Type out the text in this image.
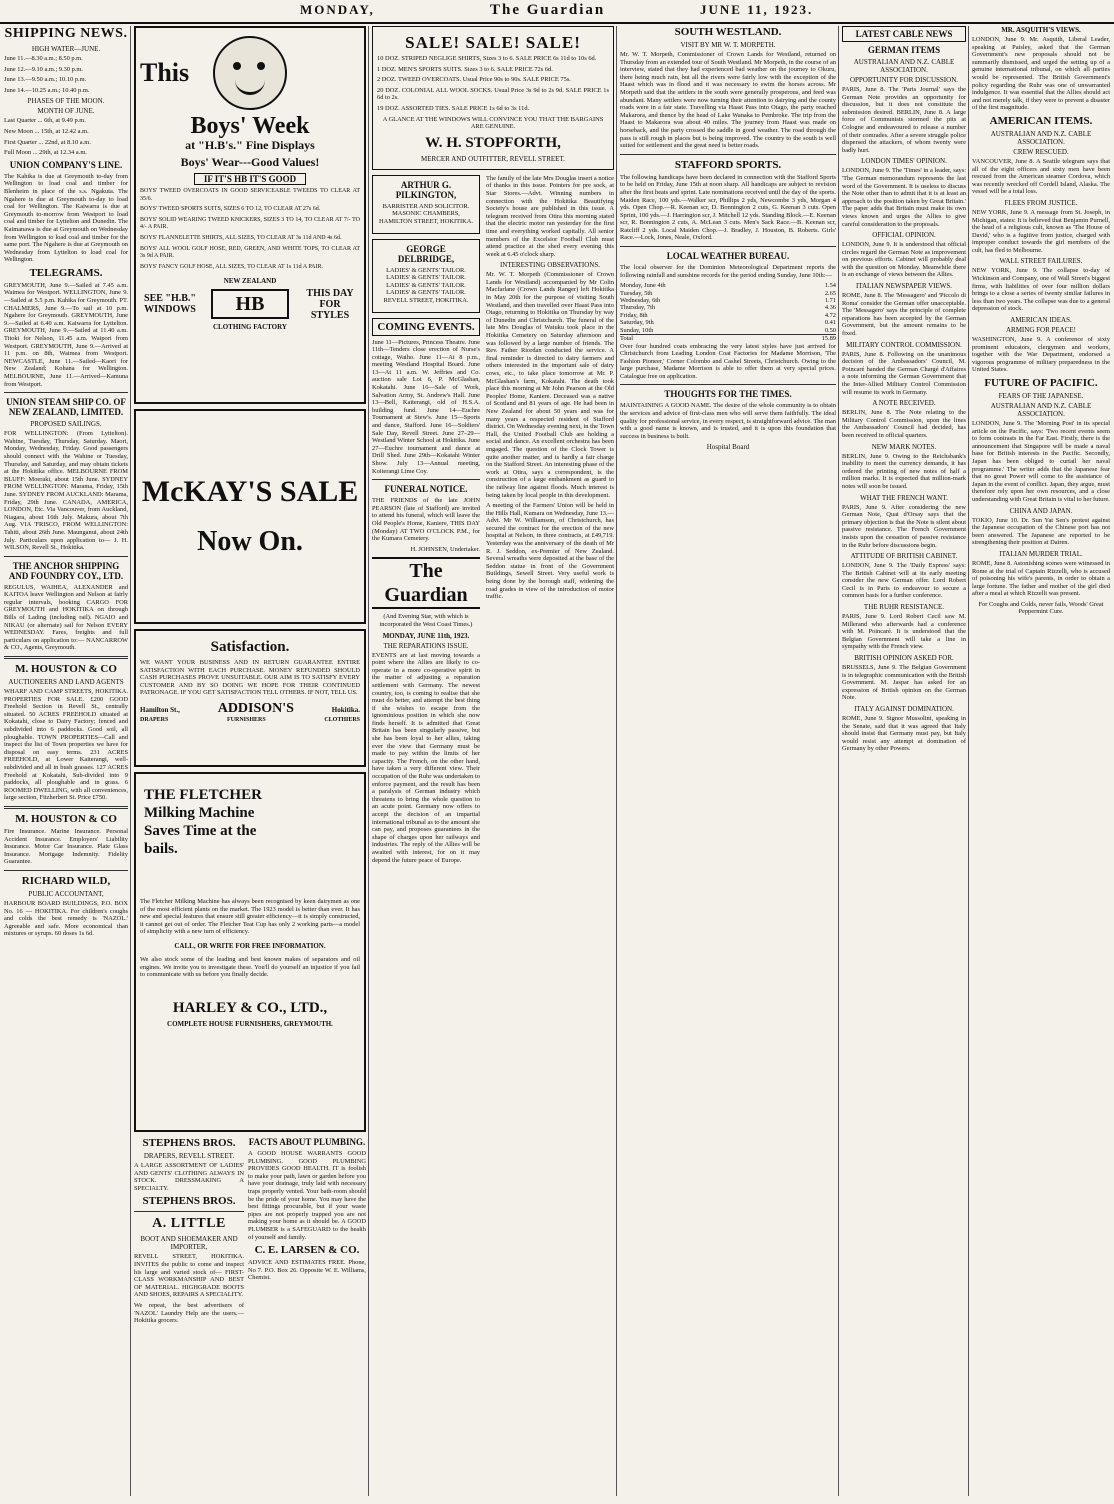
MONDAY,	The Guardian	JUNE 11, 1923.
SHIPPING NEWS.
HIGH WATER—JUNE.

June 11.—8.30 a.m.; 8.50 p.m.

June 12.—9.10 a.m.; 9.30 p.m.

June 13.—9.50 a.m.; 10.10 p.m.

June 14.—10.25 a.m.; 10.40 p.m.

PHASES OF THE MOON.
MONTH OF JUNE.

Last Quarter ... 6th, at 9.49 p.m.

New Moon ... 15th, at 12.42 a.m.

First Quarter ... 22nd, at 8.10 a.m.

Full Moon ... 29th, at 12.34 a.m.

UNION COMPANY'S LINE.

The Kahika is due at Greymouth to-day from Wellington to load coal and timber for Blenheim in place of the s.s. Ngakuta. The Ngahere is due at Greymouth to-day to load coal for Wellington. The Kaiwarra is due at Greymouth to-morrow from Westport to load coal and timber for Lyttelton and Dunedin. The Kaimanawa is due at Greymouth on Wednesday from Wellington to load coal and timber for the same port. The Ngahere is due at Greymouth on Wednesday from Lyttelton to load coal for Wellington.

TELEGRAMS.

GREYMOUTH, June 9.—Sailed at 7.45 a.m. Waimea for Westport. WELLINGTON, June 9.—Sailed at 5.5 p.m. Kahika for Greymouth. PT. CHALMERS, June 9.—To sail at 10 p.m. Ngahere for Greymouth. GREYMOUTH, June 9.—Sailed at 6.40 a.m. Kaiwarra for Lyttelton. GREYMOUTH, June 9.—Sailed at 11.40 a.m. Titoki for Nelson, 11.45 a.m. Waipori from Westport. GREYMOUTH, June 9.—Arrived at 11 p.m. on 8th, Waimea from Westport. NEWCASTLE, June 11.—Sailed—Kaori for New Zealand; Kohana for Wellington. MELBOURNE, June 11.—Arrived—Kamuna from Westport.

UNION STEAM SHIP CO. OF NEW ZEALAND, LIMITED.
PROPOSED SAILINGS.

FOR WELLINGTON: (From Lyttelton). Wahine, Tuesday, Thursday, Saturday. Maori, Monday, Wednesday, Friday. Good passengers should connect with the Wahine or Tuesday, Thursday, and Saturday, and may obtain tickets at the Hokitika office. MELBOURNE FROM BLUFF: Moeraki, about 15th June. SYDNEY FROM WELLINGTON: Marama, Friday, 15th June. SYDNEY FROM AUCKLAND: Marama, Friday, 29th June. CANADA, AMERICA, LONDON, Etc. Via Vancouver, from Auckland, Niagara, about 16th July. Makura, about 7th Aug. VIA 'FRISCO, FROM WELLINGTON: Tahiti, about 26th June. Maunganui, about 24th July. Particulars upon application to— J. H. WILSON, Revell St., Hokitika.

THE ANCHOR SHIPPING AND FOUNDRY COY., LTD.

REGULUS, WAIHEA, ALEXANDER and KAITOA leave Wellington and Nelson at fairly regular intervals, booking CARGO FOR GREYMOUTH and HOKITIKA on through Bills of Lading (including rail). NGAIO and NIKAU (or alternate) sail for Nelson EVERY WEDNESDAY. Fares, freights and full particulars on application to:— NANCARROW & CO., Agents, Greymouth.

M. HOUSTON & CO
AUCTIONEERS AND LAND AGENTS

WHARF AND CAMP STREETS, HOKITIKA. PROPERTIES FOR SALE. £200 GOOD Freehold Section in Revell St., centrally situated. 50 ACRES FREEHOLD situated at Kokatahi, close to Dairy Factory; fenced and subdivided into 6 paddocks. Good soil, all ploughable. TOWN PROPERTIES—Call and inspect the list of Town properties we have for disposal on easy terms. 231 ACRES FREEHOLD, at Lower Kaiterangi, well-subdivided and all in bush grasses. 127 ACRES Freehold at Kokatahi, Sub-divided into 9 paddocks, all ploughable and in grass. 6 ROOMED DWELLING, with all conveniences, large section, Fitzherbert St. Price £750.

M. HOUSTON & CO

Fire Insurance. Marine Insurance. Personal Accident Insurance. Employers' Liability Insurance. Motor Car Insurance. Plate Glass Insurance. Mortgage Indemnity. Fidelity Guarantee.

RICHARD WILD,
PUBLIC ACCOUNTANT,

HARBOUR BOARD BUILDINGS, P.O. BOX No. 16 — HOKITIKA. For children's coughs and colds the best remedy is 'NAZOL.' Agreeable and safe. More economical than mixtures or syrups. 60 doses 1s 6d.

This
Boys' Week
at "H.B's." Fine Displays
Boys' Wear---Good Values!
IF IT'S HB IT'S GOOD

BOYS' TWEED OVERCOATS IN GOOD SERVICEABLE TWEEDS TO CLEAR AT 35/6.

BOYS' TWEED SPORTS SUITS, SIZES 6 TO 12, TO CLEAR AT 27s 6d.

BOYS' SOLID WEARING TWEED KNICKERS, SIZES 3 TO 14, TO CLEAR AT 7/- TO 4/- A PAIR.

BOYS' FLANNELETTE SHIRTS, ALL SIZES, TO CLEAR AT 3s 11d AND 4s 6d.

BOYS' ALL WOOL GOLF HOSE, RED, GREEN, AND WHITE TOPS, TO CLEAR AT 3s 9d A PAIR.

BOYS' FANCY GOLF HOSE, ALL SIZES, TO CLEAR AT 1s 11d A PAIR.

SEE "H.B." WINDOWS
NEW ZEALAND
HB
CLOTHING FACTORY
THIS DAY FOR STYLES
McKAY'S SALE
Now On.
Satisfaction.

WE WANT YOUR BUSINESS AND IN RETURN GUARANTEE ENTIRE SATISFACTION WITH EACH PURCHASE. MONEY REFUNDED SHOULD CASH PURCHASES PROVE UNSUITABLE. OUR AIM IS TO SATISFY EVERY CUSTOMER AND BY SO DOING WE HOPE FOR THEIR CONTINUED PATRONAGE. IF YOU GET SATISFACTION TELL OTHERS. IF NOT, TELL US.

Hamilton St.,	ADDISON'S	Hokitika.
DRAPERS	FURNISHERS	CLOTHIERS
THE FLETCHER Milking Machine Saves Time at the bails.

The Fletcher Milking Machine has always been recognised by keen dairymen as one of the most efficient plants on the market. The 1923 model is better than ever. It has new and special features that ensure still greater efficiency—it is simply constructed, it cannot get out of order. The Fletcher Teat Cup has only 2 working parts—a model of simplicity with a new turn of efficiency.

CALL, OR WRITE FOR FREE INFORMATION.

We also stock some of the leading and best known makes of separators and oil engines. We invite you to investigate these. You'll do yourself an injustice if you fail to communicate with us before you finally decide.

HARLEY & CO., LTD.,
COMPLETE HOUSE FURNISHERS, GREYMOUTH.
STEPHENS BROS.
DRAPERS, REVELL STREET.

A LARGE ASSORTMENT OF LADIES' AND GENTS' CLOTHING ALWAYS IN STOCK. DRESSMAKING A SPECIALTY.

STEPHENS BROS.
A. LITTLE
BOOT AND SHOEMAKER AND IMPORTER,

REVELL STREET, HOKITIKA. INVITES the public to come and inspect his large and varied stock of— FIRST-CLASS WORKMANSHIP AND BEST OF MATERIAL. HIGHGRADE BOOTS AND SHOES, REPAIRS A SPECIALITY.

We repeat, the best advertisers of 'NAZOL' Laundry Help are the users.—Hokitika grocers.

FACTS ABOUT PLUMBING.

A GOOD HOUSE WARRANTS GOOD PLUMBING. GOOD PLUMBING PROVIDES GOOD HEALTH. IT is foolish to make your path, lawn or garden before you have your drainage, truly laid with necessary traps properly vented. Your bath-room should be the pride of your home. You may have the best fittings procurable, but if your waste pipes are not properly trapped you are not making your home as it should be. A GOOD PLUMBER is a SAFEGUARD to the health of yourself and family.

C. E. LARSEN & CO.

ADVICE AND ESTIMATES FREE. Phone, No 7. P.O. Box 26. Opposite W. E. Williams, Chemist.

SALE! SALE! SALE!

10 DOZ. STRIPED NEGLIGE SHIRTS, Sizes 3 to 6. SALE PRICE 6s 11d to 10s 6d.

1 DOZ. MEN'S SPORTS SUITS. Sizes 3 to 6. SALE PRICE 72s 6d.

2 DOZ. TWEED OVERCOATS. Usual Price 90s to 90s. SALE PRICE 75s.

20 DOZ. COLONIAL ALL WOOL SOCKS. Usual Price 3s 9d to 2s 9d. SALE PRICE 1s 6d to 2s.

19 DOZ. ASSORTED TIES. SALE PRICE 1s 6d to 3s 11d.

A GLANCE AT THE WINDOWS WILL CONVINCE YOU THAT THE BARGAINS ARE GENUINE.

W. H. STOPFORTH,
MERCER AND OUTFITTER, REVELL STREET.
ARTHUR G. PILKINGTON,

BARRISTER AND SOLICITOR. MASONIC CHAMBERS, HAMILTON STREET, HOKITIKA.

GEORGE DELBRIDGE,

LADIES' & GENTS' TAILOR. LADIES' & GENTS' TAILOR. LADIES' & GENTS' TAILOR. LADIES' & GENTS' TAILOR. REVELL STREET, HOKITIKA.

COMING EVENTS.

June 11—Pictures, Princess Theatre. June 11th—Tenders close erection of Nurse's cottage, Waiho. June 11—At 8 p.m., meeting Westland Hospital Board. June 13—At 11 a.m. W. Jeffries and Co. auction sale Lot 6, P. McGlashan, Kokatahi. June 16—Sale of Work, Salvation Army, St. Andrew's Hall. June 13—Bell, Kaiterangi, old of H.S.A. building fund. June 14—Euchre Tournament at Stew's. June 15—Sports and dance, Stafford. June 16—Soldiers' Sale Day, Revell Street. June 27–29—Westland Winter School at Hokitika. June 27—Euchre tournament and dance at Drill Shed. June 29th—Kokatahi Winter Show. July 13—Annual meeting, Koiterangi Lime Coy.

FUNERAL NOTICE.

THE FRIENDS of the late JOHN PEARSON (late of Stafford) are invited to attend his funeral, which will leave the Old People's Home, Kaniere, THIS DAY (Monday) AT TWO O'CLOCK P.M., for the Kumara Cemetery.

H. JOHNSEN, Undertaker.

The Guardian

(And Evening Star, with which is incorporated the West Coast Times.)

MONDAY, JUNE 11th, 1923.
THE REPARATIONS ISSUE.

EVENTS are at last moving towards a point where the Allies are likely to co-operate in a more co-operative spirit in the matter of adjusting a reparation settlement with Germany. The newest country, too, is coming to realise that she must do better, and attempt the best thing if she wishes to escape from the ignominious position in which she now finds herself. It is admitted that Great Britain has been singularly passive, but she has been loyal to her allies, taking ever the view that Germany must be made to pay within the limits of her capacity. The French, on the other hand, have taken a very different view. Their occupation of the Ruhr was undertaken to enforce payment, and the result has been a paralysis of German industry which threatens to bring the whole question to an acute point. Germany now offers to accept the decision of an impartial international tribunal as to the amount she can pay, and proposes guarantees in the shape of charges upon her railways and industries. The reply of the Allies will be awaited with interest, for on it may depend the future peace of Europe.

The family of the late Mrs Douglas insert a notice of thanks in this issue. Pointers for pre sock, at Star Stores.—Advt. Winning numbers in connection with the Hokitika Beautifying Society's house are published in this issue. A telegram received from Otira this morning stated that the electric motor ran yesterday for the first time and everything worked capitally. All senior members of the Excelsior Football Club must attend practice at the shed every evening this week at 6.45 o'clock sharp.

INTERESTING OBSERVATIONS.

Mr. W. T. Morpeth (Commissioner of Crown Lands for Westland) accompanied by Mr Colin Macfarlane (Crown Lands Ranger) left Hokitika in May 20th for the purpose of visiting South Westland, and then travelled over Haast Pass into Otago, returning to Hokitika on Thursday by way of Dunedin and Christchurch. The funeral of the late Mrs Douglas of Waiuku took place in the Hokitika Cemetery on Saturday afternoon and was followed by a large number of friends. The Rev. Father Riordan conducted the service. A final reminder is directed to dairy farmers and others interested in the important sale of dairy cows, etc., to take place tomorrow at Mr. P. McGlashan's farm, Kokatahi. The death took place this morning at Mr John Pearson at the Old Peoples' Home, Kaniere. Deceased was a native of Scotland and 81 years of age. He had been in New Zealand for about 50 years and was for many years a respected resident of Stafford district. On Wednesday evening next, in the Town Hall, the United Football Club are holding a social and dance. An excellent orchestra has been engaged. The question of the Clock Tower is quite another matter, and is hardly a fair charge on the Stafford Street. An interesting phase of the work at Otira, says a correspondent, is the construction of a large embankment as guard to the railway line against floods. Much interest is being taken by local people in this development.

A meeting of the Farmers' Union will be held in the Hills Hall, Kumara on Wednesday, June 13.—Advt. Mr W. Williamson, of Christchurch, has secured the contract for the erection of the new hospital at Nelson, in three contracts, at £49,719. Yesterday was the anniversary of the death of Mr R. J. Seddon, ex-Premier of New Zealand. Several wreaths were deposited at the base of the Seddon statue in front of the Government Buildings, Sewell Street. Very useful work is being done by the borough staff, widening the road grades in view of the introduction of motor traffic.

SOUTH WESTLAND.
VISIT BY MR W. T. MORPETH.

Mr. W. T. Morpeth, Commissioner of Crown Lands for Westland, returned on Thursday from an extended tour of South Westland. Mr Morpeth, in the course of an interview, stated that they had experienced bad weather on the journey to Okuru, there being much rain, but all the rivers were fairly low with the exception of the Haast which was in flood and it was necessary to swim the horses across. Mr Morpeth said that the settlers in the south were generally prosperous, and feed was abundant. Many settlers were now turning their attention to dairying and the county roads were in a fair state. Travelling via Haast Pass into Otago, the party reached Makarora, and thence by the head of Lake Wanaka to Pembroke. The trip from the Haast to Makarora was about 40 miles. The journey from Haast was made on horseback, and the party crossed the saddle in good weather. The road through the pass is still rough in places but is being improved. The country to the south is well suited for settlement and the great need is better roads.

STAFFORD SPORTS.

The following handicaps have been declared in connection with the Stafford Sports to be held on Friday, June 15th at noon sharp. All handicaps are subject to revision after the first heats and sprint. Late nominations received until the day of the sports. Maiden Race, 100 yds.—Walker scr, Phillips 2 yds, Newcombe 3 yds, Morgan 4 yds. Open Chop.—R. Keenan scr, D. Bonnington 2 cuts, G. Keenan 3 cuts. Open Sprint, 100 yds.—J. Harrington scr, J. Mitchell 12 yds. Standing Block.—E. Keenan scr, R. Bonnington 2 cuts, A. McLean 3 cuts. Men's Sack Race.—B. Keenan scr, Ratcliff 2 yds. Local Maiden Chop.—J. Bradley, J. Houston, B. Roberts. Girls' Race.—Lock, Jones, Neale, Oxford.

LOCAL WEATHER BUREAU.

The local observer for the Dominion Meteorological Department reports the following rainfall and sunshine records for the period ending Sunday, June 10th:—

Monday, June 4th	1.54
Tuesday, 5th	2.65
Wednesday, 6th	1.71
Thursday, 7th	4.36
Friday, 8th	4.72
Saturday, 9th	0.41
Sunday, 10th	0.50
Total	15.89

Over four hundred coats embracing the very latest styles have just arrived for Christchurch from Leading London Coat Factories for Madame Morrison, 'The Fashion Pioneer,' Corner Colombo and Cashel Streets, Christchurch. Owing to the large purchase, Madame Morrison is able to offer them at very special prices. Catalogue free on application.

THOUGHTS FOR THE TIMES.

MAINTAINING A GOOD NAME. The desire of the whole community is to obtain the services and advice of first-class men who will serve them faithfully. The ideal quality for professional service, in every respect, is straightforward advice. The man with a good name is known, and is trusted, and it is upon this foundation that success in business is built.

Hospital Board
LATEST CABLE NEWS
GERMAN ITEMS
AUSTRALIAN AND N.Z. CABLE ASSOCIATION.
OPPORTUNITY FOR DISCUSSION.

PARIS, June 8. The 'Paris Journal' says the German Note provides an opportunity for discussion, but it does not constitute the submission desired. BERLIN, June 8. A large force of Communists stormed the pits at Cologne and endeavoured to release a number of their comrades. After a severe struggle police dispersed the attackers, of whom twenty were badly hurt.

LONDON TIMES' OPINION.

LONDON, June 9. The 'Times' in a leader, says: 'The German memorandum represents the last word of the Government. It is useless to discuss the Note other than to admit that it is at least an approach to the position taken by Great Britain.' The paper adds that Britain must make its own views known and urges the Allies to give careful consideration to the proposals.

OFFICIAL OPINION.

LONDON, June 9. It is understood that official circles regard the German Note as improvement on previous efforts. Cabinet will probably deal with the question on Monday. Meanwhile there is an exchange of views between the Allies.

ITALIAN NEWSPAPER VIEWS.

ROME, June 8. The 'Messagero' and 'Piccolo di Roma' consider the German offer unacceptable. The 'Messagero' says the principle of complete reparations has been accepted by the German Government, but the amount remains to be fixed.

MILITARY CONTROL COMMISSION.

PARIS, June 8. Following on the unanimous decision of the Ambassadors' Council, M. Poincaré handed the German Chargé d'Affaires a note informing the German Government that the Inter-Allied Military Control Commission will resume its work in Germany.

A NOTE RECEIVED.

BERLIN, June 8. The Note relating to the Military Control Commission, upon the lines the Ambassadors' Council had decided, has been received in official quarters.

NEW MARK NOTES.

BERLIN, June 9. Owing to the Reichsbank's inability to meet the currency demands, it has ordered the printing of new notes of half a million marks. It is expected that million-mark notes will soon be issued.

WHAT THE FRENCH WANT.

PARIS, June 9. After considering the new German Note, Quai d'Orsay says that the primary objection is that the Note is silent about passive resistance. The French Government insists upon the cessation of passive resistance in the Ruhr before discussions begin.

ATTITUDE OF BRITISH CABINET.

LONDON, June 9. The 'Daily Express' says: The British Cabinet will at its early meeting consider the new German offer. Lord Robert Cecil is in Paris to endeavour to secure a common basis for a further conference.

THE RUHR RESISTANCE.

PARIS, June 9. Lord Robert Cecil saw M. Millerand who afterwards had a conference with M. Poincaré. It is understood that the Belgian Government will take a line in sympathy with the French view.

BRITISH OPINION ASKED FOR.

BRUSSELS, June 9. The Belgian Government is in telegraphic communication with the British Government. M. Jaspar has asked for an expression of British opinion on the German Note.

ITALY AGAINST DOMINATION.

ROME, June 9. Signor Mussolini, speaking in the Senate, said that it was agreed that Italy should insist that Germany must pay, but Italy would resist any attempt at domination of Germany by other Powers.

MR. ASQUITH'S VIEWS.

LONDON, June 9. Mr. Asquith, Liberal Leader, speaking at Paisley, asked that the German Government's new proposals should not be summarily dismissed, and urged the setting up of a genuine international tribunal, on which all parties would be represented. The British Government's policy regarding the Ruhr was one of unwarranted indulgence. It was essential that the Allies should act and not merely talk, if they were to prevent a disaster of the first magnitude.

AMERICAN ITEMS.
AUSTRALIAN AND N.Z. CABLE ASSOCIATION.
CREW RESCUED.

VANCOUVER, June 8. A Seattle telegram says that all of the eight officers and sixty men have been rescued from the American steamer Cordova, which was recently wrecked off Cordell Island, Alaska. The vessel will be a total loss.

FLEES FROM JUSTICE.

NEW YORK, June 9. A message from St. Joseph, in Michigan, states: It is believed that Benjamin Purnell, the head of a religious cult, known as 'The House of David,' who is a fugitive from justice, charged with improper conduct towards the girl members of the cult, has fled to Melbourne.

WALL STREET FAILURES.

NEW YORK, June 9. The collapse to-day of Wickinson and Company, one of Wall Street's biggest firms, with liabilities of over four million dollars brings to a close a series of twenty similar failures in less than two years. The collapse was due to a general depression of stock.

AMERICAN IDEAS.
ARMING FOR PEACE!

WASHINGTON, June 9. A conference of sixty prominent educators, clergymen and workers, together with the War Department, endorsed a vigorous programme of military preparedness in the United States.

FUTURE OF PACIFIC.
FEARS OF THE JAPANESE.
AUSTRALIAN AND N.Z. CABLE ASSOCIATION.

LONDON, June 9. The 'Morning Post' in its special article on the Pacific, says: 'Two recent events seem to form contrasts in the Far East. Firstly, there is the announcement that Singapore will be made a naval base for British interests in the Pacific. Secondly, Japan has been obliged to curtail her naval programme.' The writer adds that the Japanese fear that no great Power will come to the assistance of Japan in the event of conflict. Japan, they argue, must therefore rely upon her own resources, and a close understanding with Great Britain is vital to her future.

CHINA AND JAPAN.

TOKIO, June 10. Dr. Sun Yat Sen's protest against the Japanese occupation of the Chinese port has not been answered. The Japanese are reported to be strengthening their position at Dairen.

ITALIAN MURDER TRIAL.

ROME, June 8. Astonishing scenes were witnessed in Rome at the trial of Captain Rizzelli, who is accused of poisoning his wife's parents, in order to obtain a large fortune. The father and mother of the girl died after a meal at which Rizzelli was present.

For Coughs and Colds, never fails, Woods' Great Peppermint Cure.
